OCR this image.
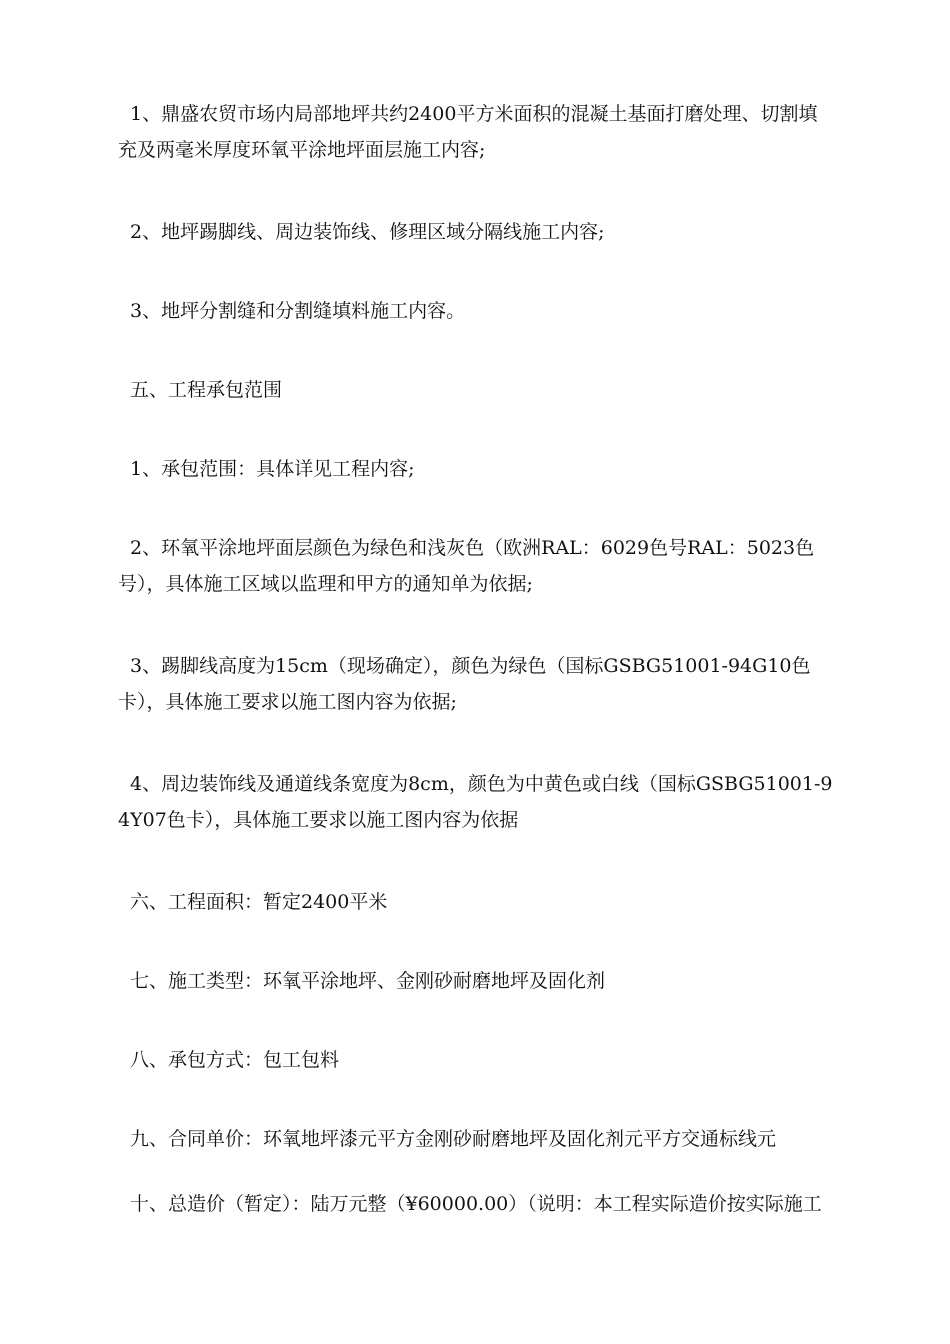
1、鼎盛农贸市场内局部地坪共约2400平方米面积的混凝土基面打磨处理、切割填充及两毫米厚度环氧平涂地坪面层施工内容;

2、地坪踢脚线、周边装饰线、修理区域分隔线施工内容;

3、地坪分割缝和分割缝填料施工内容。

五、工程承包范围

1、承包范围：具体详见工程内容;

2、环氧平涂地坪面层颜色为绿色和浅灰色（欧洲RAL：6029色号RAL：5023色号），具体施工区域以监理和甲方的通知单为依据;

3、踢脚线高度为15cm（现场确定），颜色为绿色（国标GSBG51001-94G10色卡），具体施工要求以施工图内容为依据;

4、周边装饰线及通道线条宽度为8cm，颜色为中黄色或白线（国标GSBG51001-94Y07色卡），具体施工要求以施工图内容为依据

六、工程面积：暂定2400平米

七、施工类型：环氧平涂地坪、金刚砂耐磨地坪及固化剂

八、承包方式：包工包料

九、合同单价：环氧地坪漆元平方金刚砂耐磨地坪及固化剂元平方交通标线元

十、总造价（暂定）：陆万元整（¥60000.00）（说明：本工程实际造价按实际施工
